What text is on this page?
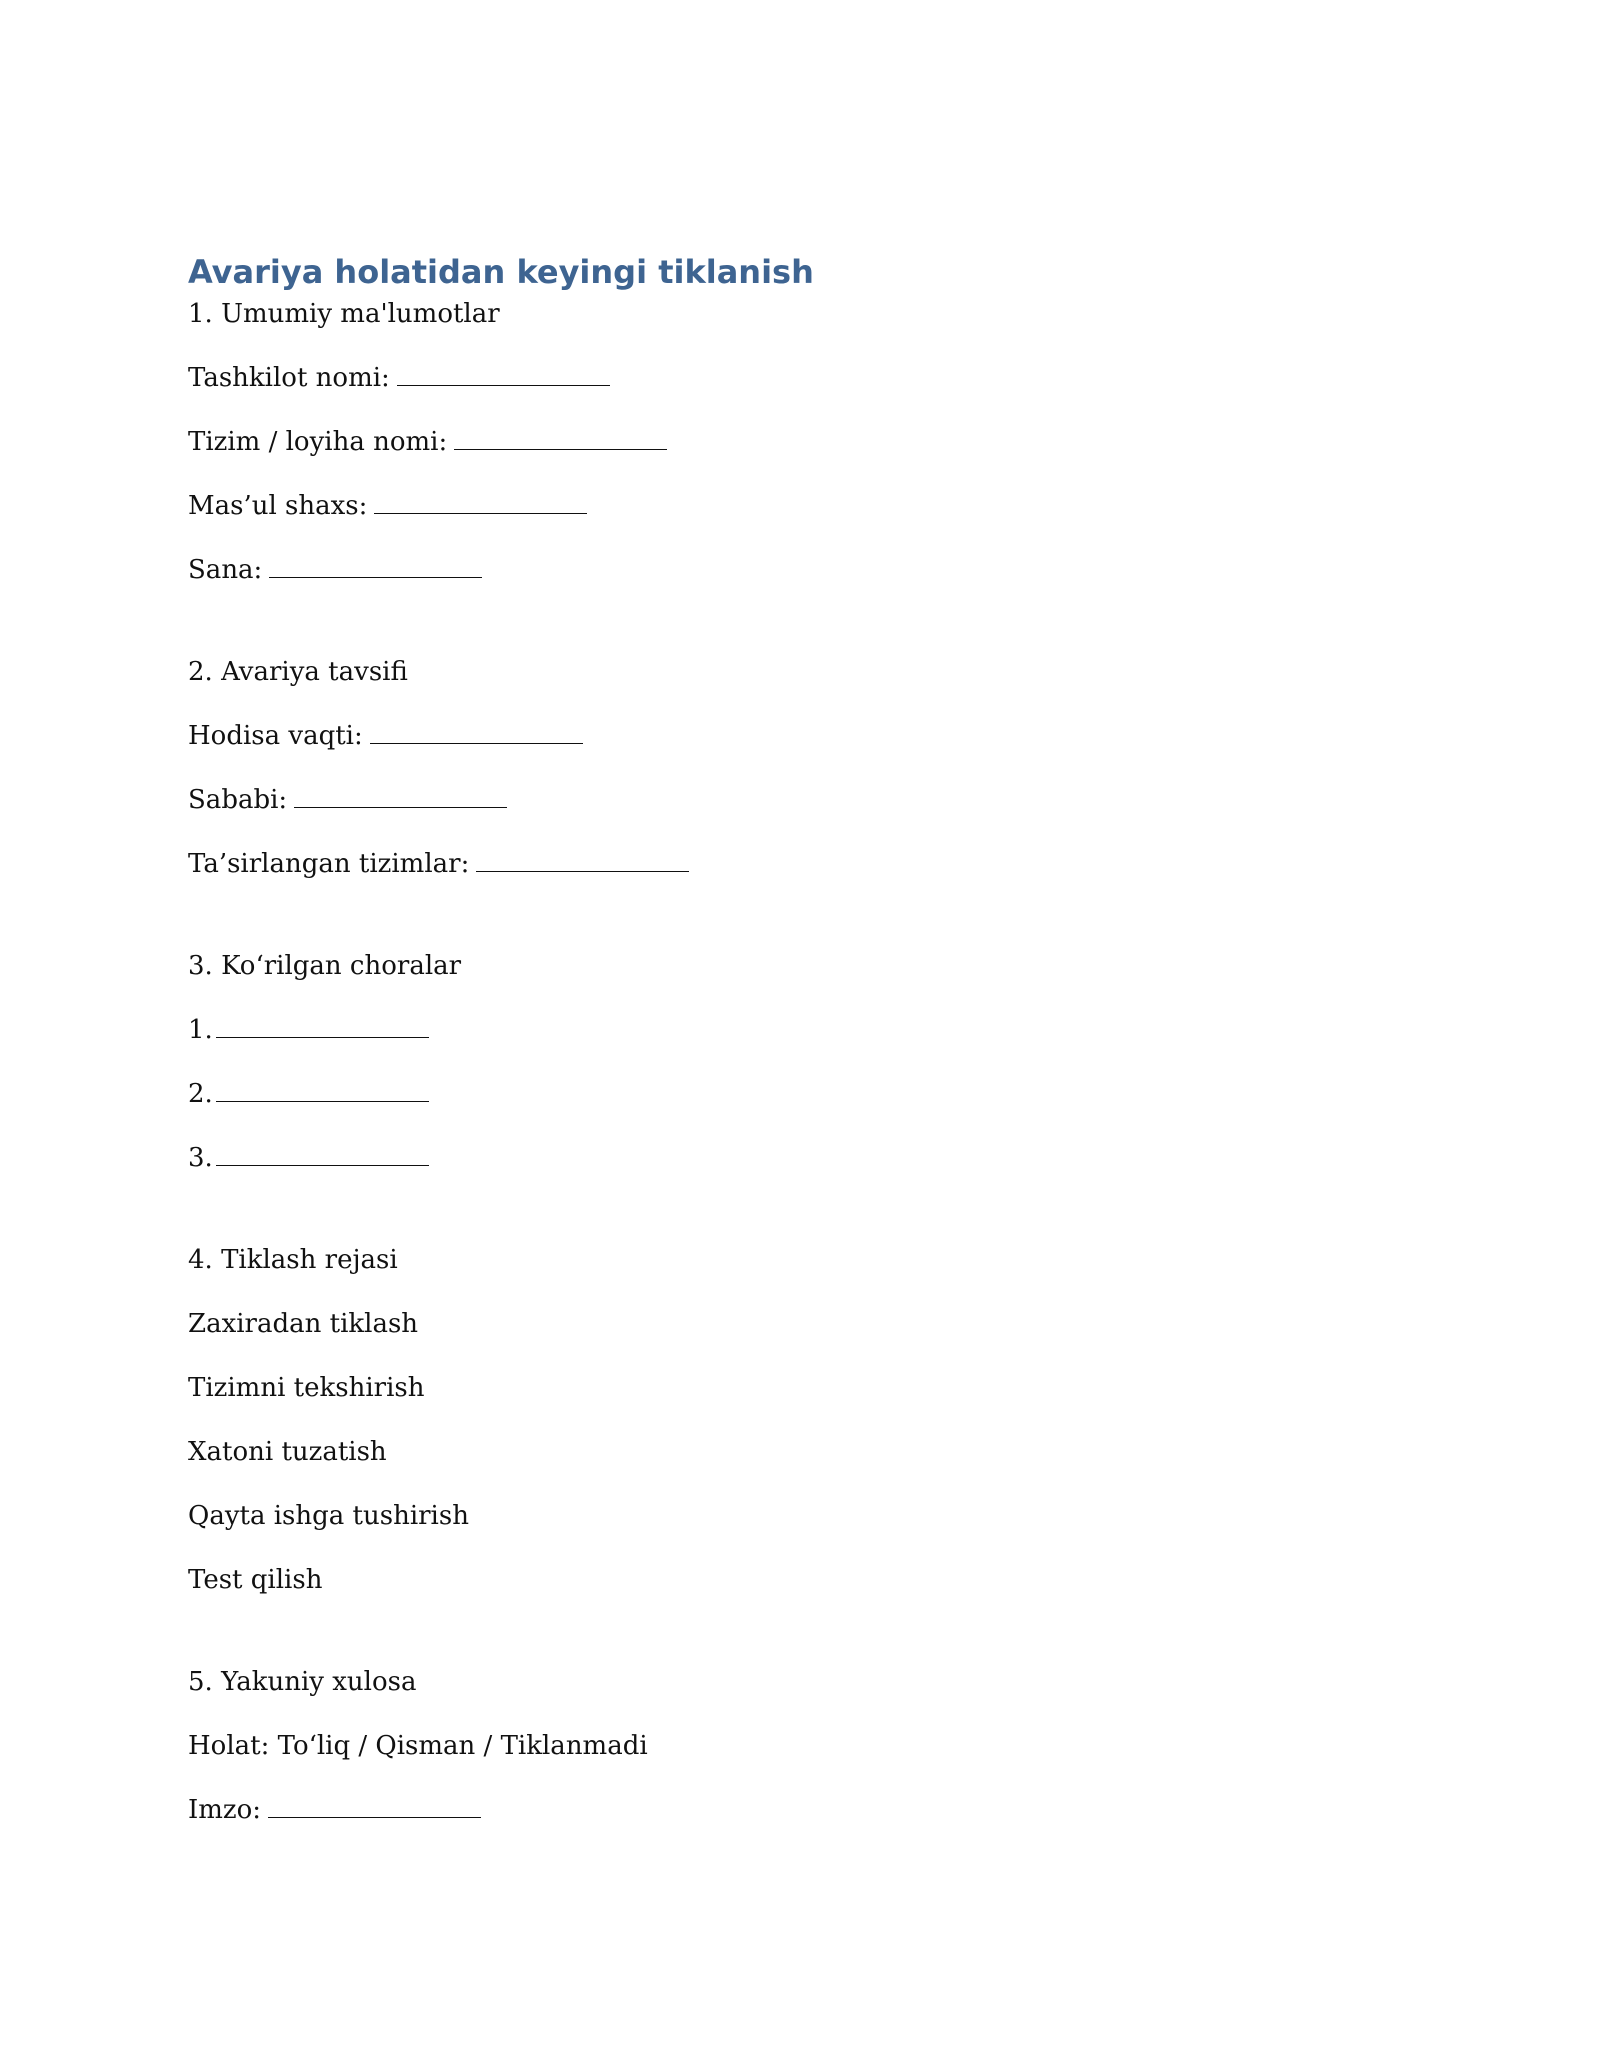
Avariya holatidan keyingi tiklanish
1. Umumiy ma'lumotlar
Tashkilot nomi:
Tizim / loyiha nomi:
Mas’ul shaxs:
Sana:
2. Avariya tavsifi
Hodisa vaqti:
Sababi:
Ta’sirlangan tizimlar:
3. Ko‘rilgan choralar
1.
2.
3.
4. Tiklash rejasi
Zaxiradan tiklash
Tizimni tekshirish
Xatoni tuzatish
Qayta ishga tushirish
Test qilish
5. Yakuniy xulosa
Holat: To‘liq / Qisman / Tiklanmadi
Imzo:
